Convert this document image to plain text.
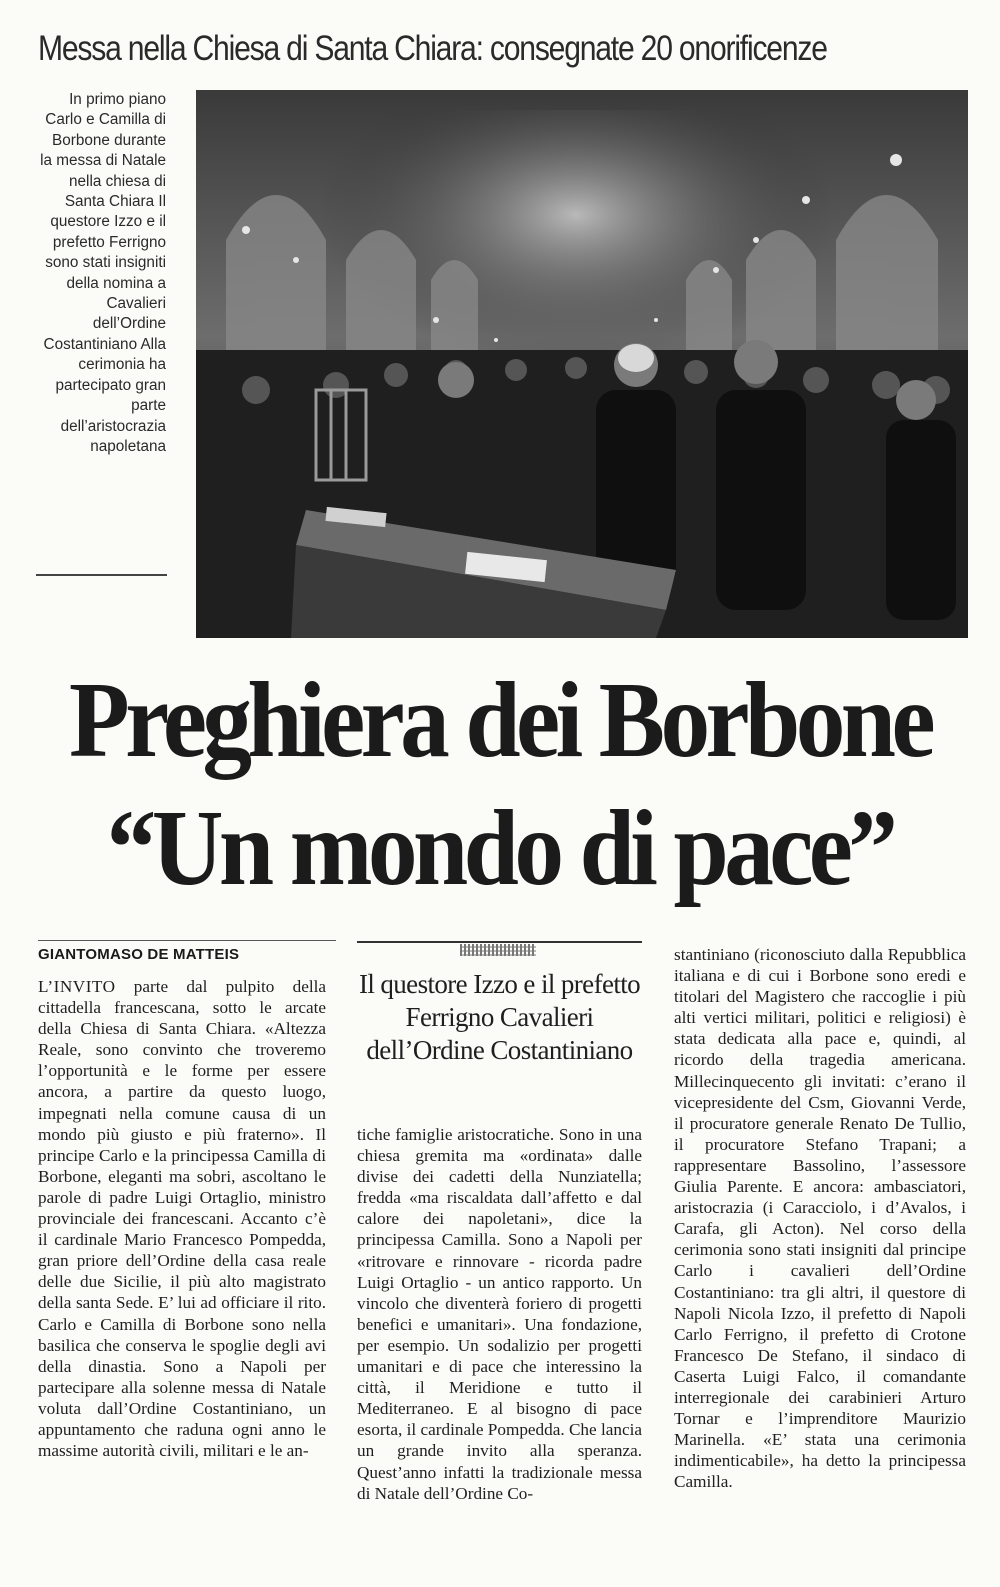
Messa nella Chiesa di Santa Chiara: consegnate 20 onorificenze
In primo piano Carlo e Camilla di Borbone durante la messa di Natale nella chiesa di Santa Chiara Il questore Izzo e il prefetto Ferrigno sono stati insigniti della nomina a Cavalieri dell’Ordine Costantiniano Alla cerimonia ha partecipato gran parte dell’aristocrazia napoletana
Preghiera dei Borbone
“Un mondo di pace”
GIANTOMASO DE MATTEIS

L’INVITO parte dal pulpito della cittadella francescana, sotto le arcate della Chiesa di Santa Chiara. «Altezza Reale, sono convinto che troveremo l’opportunità e le forme per essere ancora, a partire da questo luogo, impegnati nella comune causa di un mondo più giusto e più fraterno». Il principe Carlo e la principessa Camilla di Borbone, eleganti ma sobri, ascoltano le parole di padre Luigi Ortaglio, ministro provinciale dei francescani. Accanto c’è il cardinale Mario Francesco Pompedda, gran priore dell’Ordine della casa reale delle due Sicilie, il più alto magistrato della santa Sede. E’ lui ad officiare il rito. Carlo e Camilla di Borbone sono nella basilica che conserva le spoglie degli avi della dinastia. Sono a Napoli per partecipare alla solenne messa di Natale voluta dall’Ordine Costantiniano, un appuntamento che raduna ogni anno le massime autorità civili, militari e le an-

Il questore Izzo e il prefetto Ferrigno Cavalieri dell’Ordine Costantiniano

tiche famiglie aristocratiche. Sono in una chiesa gremita ma «ordinata» dalle divise dei cadetti della Nunziatella; fredda «ma riscaldata dall’affetto e dal calore dei napoletani», dice la principessa Camilla. Sono a Napoli per «ritrovare e rinnovare - ricorda padre Luigi Ortaglio - un antico rapporto. Un vincolo che diventerà foriero di progetti benefici e umanitari». Una fondazione, per esempio. Un sodalizio per progetti umanitari e di pace che interessino la città, il Meridione e tutto il Mediterraneo. E al bisogno di pace esorta, il cardinale Pompedda. Che lancia un grande invito alla speranza. Quest’anno infatti la tradizionale messa di Natale dell’Ordine Co-

stantiniano (riconosciuto dalla Repubblica italiana e di cui i Borbone sono eredi e titolari del Magistero che raccoglie i più alti vertici militari, politici e religiosi) è stata dedicata alla pace e, quindi, al ricordo della tragedia americana. Millecinquecento gli invitati: c’erano il vicepresidente del Csm, Giovanni Verde, il procuratore generale Renato De Tullio, il procuratore Stefano Trapani; a rappresentare Bassolino, l’assessore Giulia Parente. E ancora: ambasciatori, aristocrazia (i Caracciolo, i d’Avalos, i Carafa, gli Acton). Nel corso della cerimonia sono stati insigniti dal principe Carlo i cavalieri dell’Ordine Costantiniano: tra gli altri, il questore di Napoli Nicola Izzo, il prefetto di Napoli Carlo Ferrigno, il prefetto di Crotone Francesco De Stefano, il sindaco di Caserta Luigi Falco, il comandante interregionale dei carabinieri Arturo Tornar e l’imprenditore Maurizio Marinella. «E’ stata una cerimonia indimenticabile», ha detto la principessa Camilla.
